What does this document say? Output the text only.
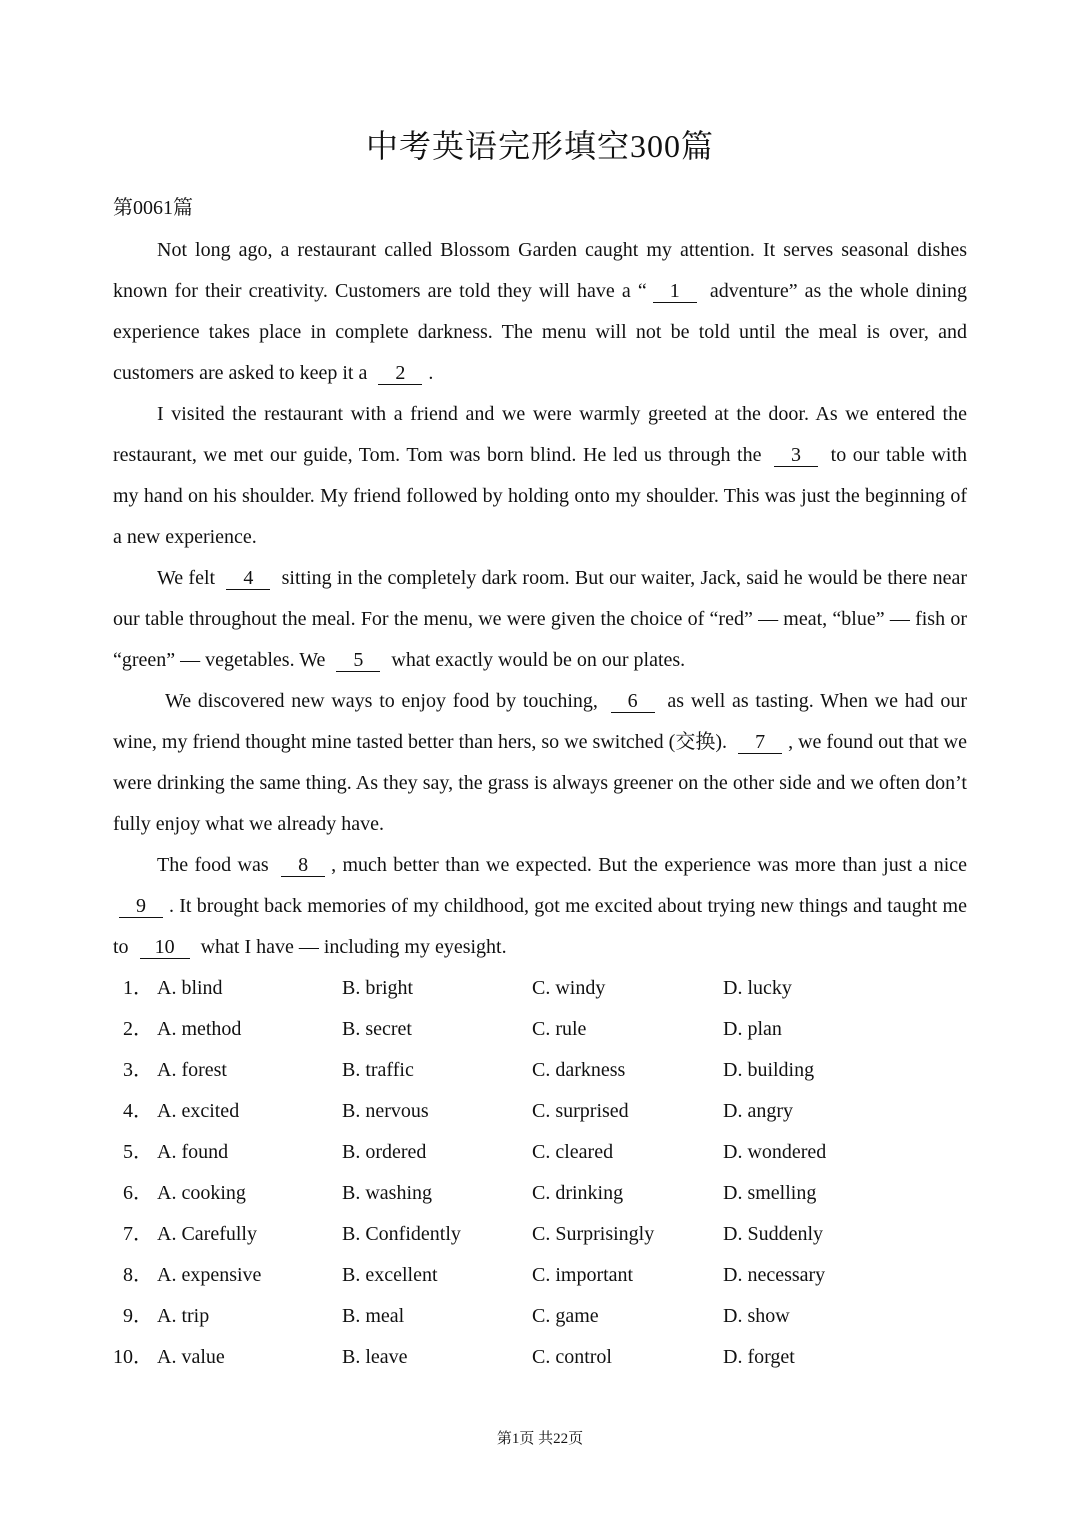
中考英语完形填空300篇
第0061篇

Not long ago, a restaurant called Blossom Garden caught my attention. It serves seasonal dishes known for their creativity. Customers are told they will have a “ 1 adventure” as the whole dining experience takes place in complete darkness. The menu will not be told until the meal is over, and customers are asked to keep it a 2 .

I visited the restaurant with a friend and we were warmly greeted at the door. As we entered the restaurant, we met our guide, Tom. Tom was born blind. He led us through the 3 to our table with my hand on his shoulder. My friend followed by holding onto my shoulder. This was just the beginning of a new experience.

We felt 4 sitting in the completely dark room. But our waiter, Jack, said he would be there near our table throughout the meal. For the menu, we were given the choice of “red” — meat, “blue” — fish or “green” — vegetables. We 5 what exactly would be on our plates.

We discovered new ways to enjoy food by touching, 6 as well as tasting. When we had our wine, my friend thought mine tasted better than hers, so we switched (交换). 7 , we found out that we were drinking the same thing. As they say, the grass is always greener on the other side and we often don’t fully enjoy what we already have.

The food was 8 , much better than we expected. But the experience was more than just a nice 9 . It brought back memories of my childhood, got me excited about trying new things and taught me to 10 what I have — including my eyesight.

1． A. blind	B. bright	C. windy	D. lucky
2． A. method	B. secret	C. rule	D. plan
3． A. forest	B. traffic	C. darkness	D. building
4． A. excited	B. nervous	C. surprised	D. angry
5． A. found	B. ordered	C. cleared	D. wondered
6． A. cooking	B. washing	C. drinking	D. smelling
7． A. Carefully	B. Confidently	C. Surprisingly	D. Suddenly
8． A. expensive	B. excellent	C. important	D. necessary
9． A. trip	B. meal	C. game	D. show
10． A. value	B. leave	C. control	D. forget
第1页 共22页
